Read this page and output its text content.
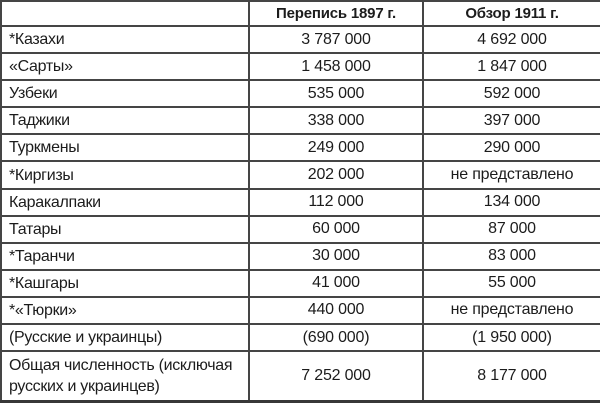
	Перепись 1897 г.	Обзор 1911 г.
*Казахи	3 787 000	4 692 000
«Сарты»	1 458 000	1 847 000
Узбеки	535 000	592 000
Таджики	338 000	397 000
Туркмены	249 000	290 000
*Киргизы	202 000	не представлено
Каракалпаки	112 000	134 000
Татары	60 000	87 000
*Таранчи	30 000	83 000
*Кашгары	41 000	55 000
*«Тюрки»	440 000	не представлено
(Русские и украинцы)	(690 000)	(1 950 000)
Общая численность (исключая русских и украинцев)	7 252 000	8 177 000
